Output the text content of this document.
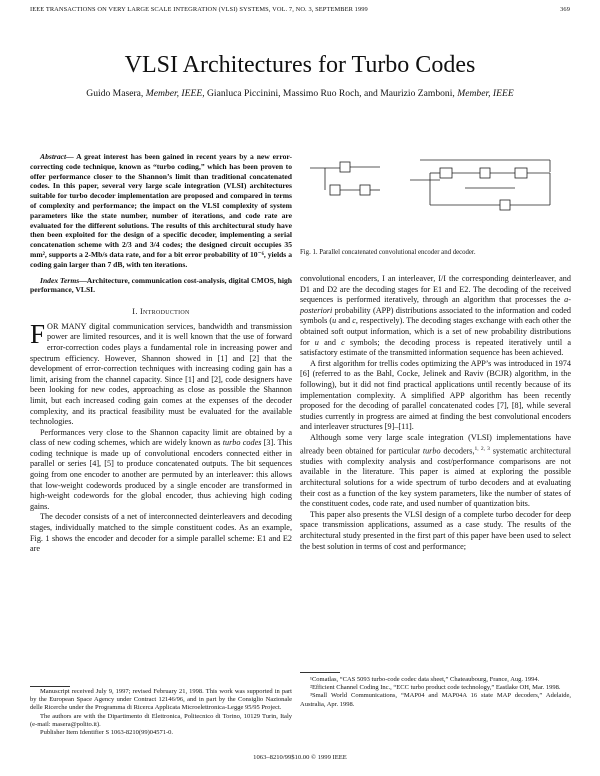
IEEE TRANSACTIONS ON VERY LARGE SCALE INTEGRATION (VLSI) SYSTEMS, VOL. 7, NO. 3, SEPTEMBER 1999	369
VLSI Architectures for Turbo Codes
Guido Masera, Member, IEEE, Gianluca Piccinini, Massimo Ruo Roch, and Maurizio Zamboni, Member, IEEE

Abstract— A great interest has been gained in recent years by a new error-correcting code technique, known as “turbo coding,” which has been proven to offer performance closer to the Shannon’s limit than traditional concatenated codes. In this paper, several very large scale integration (VLSI) architectures suitable for turbo decoder implementation are proposed and compared in terms of complexity and performance; the impact on the VLSI complexity of system parameters like the state number, number of iterations, and code rate are evaluated for the different solutions. The results of this architectural study have then been exploited for the design of a specific decoder, implementing a serial concatenation scheme with 2/3 and 3/4 codes; the designed circuit occupies 35 mm², supports a 2-Mb/s data rate, and for a bit error probability of 10⁻⁶, yields a coding gain larger than 7 dB, with ten iterations.

Index Terms—Architecture, communication cost-analysis, digital CMOS, high performance, VLSI.

I. Introduction

FOR MANY digital communication services, bandwidth and transmission power are limited resources, and it is well known that the use of forward error-correction codes plays a fundamental role in increasing power and spectrum efficiency. However, Shannon showed in [1] and [2] that the development of error-correction techniques with increasing coding gain has a limit, arising from the channel capacity. Since [1] and [2], code designers have been looking for new codes, approaching as close as possible the Shannon limit, but each increased coding gain comes at the expenses of the decoder complexity, and its practical feasibility must be evaluated for the available technologies.

Performances very close to the Shannon capacity limit are obtained by a class of new coding schemes, which are widely known as turbo codes [3]. This coding technique is made up of convolutional encoders connected either in parallel or series [4], [5] to produce concatenated outputs. The bit sequences going from one encoder to another are permuted by an interleaver: this allows that low-weight codewords produced by a single encoder are transformed in high-weight codewords for the global encoder, thus achieving high coding gains.

The decoder consists of a net of interconnected deinterleavers and decoding stages, individually matched to the simple constituent codes. As an example, Fig. 1 shows the encoder and decoder for a simple parallel scheme: E1 and E2 are

Manuscript received July 9, 1997; revised February 21, 1998. This work was supported in part by the European Space Agency under Contract 12146/96, and in part by the Consiglio Nazionale delle Ricerche under the Programma di Ricerca Applicata Microelettronica-Legge 95/95 Project.

The authors are with the Dipartimento di Elettronica, Politecnico di Torino, 10129 Turin, Italy (e-mail: masera@polito.it).

Publisher Item Identifier S 1063-8210(99)04571-0.

Fig. 1. Parallel concatenated convolutional encoder and decoder.

convolutional encoders, I an interleaver, I/I the corresponding deinterleaver, and D1 and D2 are the decoding stages for E1 and E2. The decoding of the received sequences is performed iteratively, through an algorithm that processes the a-posteriori probability (APP) distributions associated to the information and coded symbols (u and c, respectively). The decoding stages exchange with each other the obtained soft output information, which is a set of new probability distributions for u and c symbols; the decoding process is repeated iteratively until a satisfactory estimate of the transmitted information sequence has been achieved.

A first algorithm for trellis codes optimizing the APP’s was introduced in 1974 [6] (referred to as the Bahl, Cocke, Jelinek and Raviv (BCJR) algorithm, in the following), but it did not find practical applications until recently because of its implementation complexity. A simplified APP algorithm has been recently proposed for the decoding of parallel concatenated codes [7], [8], while several studies currently in progress are aimed at finding the best convolutional encoders and interleaver structures [9]–[11].

Although some very large scale integration (VLSI) implementations have already been obtained for particular turbo decoders,$^{1, 2, 3}$ systematic architectural studies with complexity analysis and cost/performance comparisons are not available in the literature. This paper is aimed at exploring the possible architectural solutions for a wide spectrum of turbo decoders and at evaluating their cost as a function of the key system parameters, like the number of states of the constituent codes, code rate, and used number of quantization bits.

This paper also presents the VLSI design of a complete turbo decoder for deep space transmission applications, assumed as a case study. The results of the architectural study presented in the first part of this paper have been used to select the best solution in terms of cost and performance;

¹Comatlas, “CAS 5093 turbo-code codec data sheet,” Chateaubourg, France, Aug. 1994.

²Efficient Channel Coding Inc., “ECC turbo product code technology,” Eastlake OH, Mar. 1998.

³Small World Communications, “MAP04 and MAP04A 16 state MAP decoders,” Adelaide, Australia, Apr. 1998.

1063–8210/99$10.00 © 1999 IEEE
